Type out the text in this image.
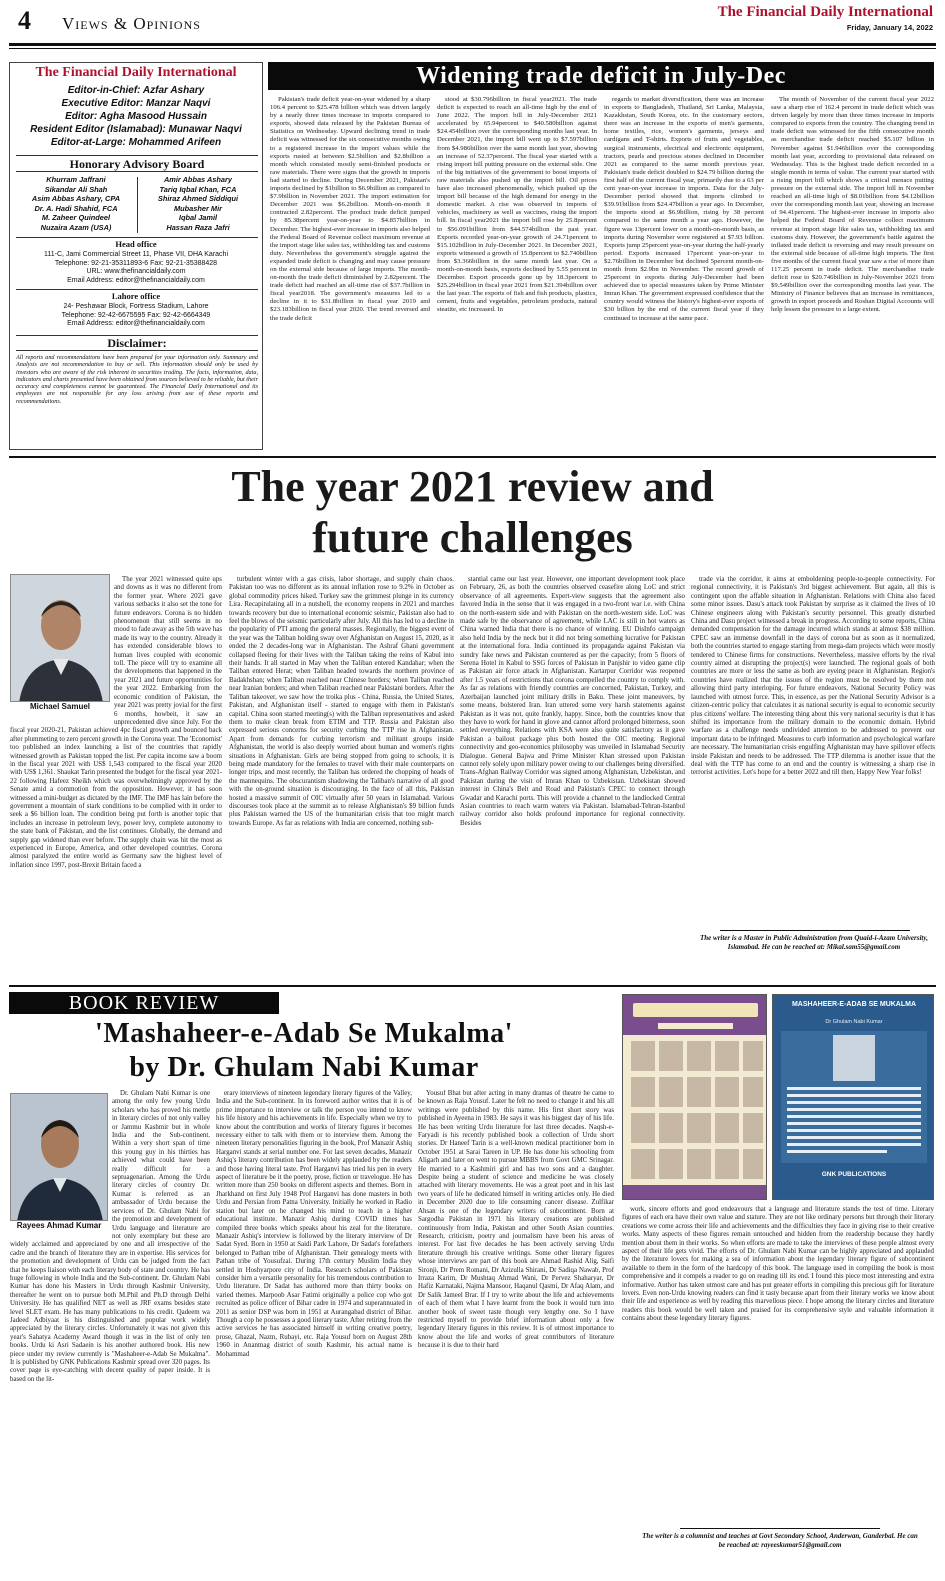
4 Views & Opinions
The Financial Daily International
Friday, January 14, 2022
The Financial Daily International
Editor-in-Chief: Azfar Ashary
Executive Editor: Manzar Naqvi
Editor: Agha Masood Hussain
Resident Editor (Islamabad): Munawar Naqvi
Editor-at-Large: Mohammed Arifeen
Honorary Advisory Board
Khurram Jaffrani
Sikandar Ali Shah
Asim Abbas Ashary, CPA
Dr. A. Hadi Shahid, FCA
M. Zaheer Quindeel
Nuzaira Azam (USA)
Amir Abbas Ashary
Tariq Iqbal Khan, FCA
Shiraz Ahmed Siddiqui
Mubasher Mir
Iqbal Jamil
Hassan Raza Jafri
Head office
111-C, Jami Commercial Street 11, Phase VII, DHA Karachi
Telephone: 92-21-35311893-6 Fax: 92-21-35388428
URL: www.thefinancialdaily.com
Email Address: editor@thefinancialdaily.com
Lahore office
24- Peshawar Block, Fortress Stadium, Lahore
Telephone: 92-42-6675595 Fax: 92-42-6664349
Email Address: editor@thefinancialdaily.com
Disclaimer:
All reports and recommendations have been prepared for your information only. Summary and Analysis are not recommendation to buy or sell. This information should only be used by investors who are aware of the risk inherent in securities trading. The facts, information, data, indicators and charts presented have been obtained from sources believed to be reliable, but their accuracy and completeness cannot be guaranteed. The Financial Daily International and its employees are not responsible for any loss arising from use of these reports and recommendations.
Widening trade deficit in July-Dec

Pakistan's trade deficit year-on-year widened by a sharp 106.4 percent to $25.478 billion which was driven largely by a nearly three times increase in imports compared to exports, showed data released by the Pakistan Bureau of Statistics on Wednesday. Upward declining trend in trade deficit was witnessed for the six consecutive months owing to a registered increase in the import values while the exports rusted at between $2.5billion and $2.8billion a month which consisted mostly semi-finished products or raw materials. There were signs that the growth in imports had started to decline. During December 2021, Pakistan's imports declined by $1billion to $6.9billion as compared to $7.9billion in November 2021. The import estimation for December 2021 was $6.2billion. Month-on-month it contracted 2.82percent. The product trade deficit jumped by 85.38percent year-on-year to $4.857billion in December. The highest-ever increase in imports also helped the Federal Board of Revenue collect maximum revenue at the import stage like sales tax, withholding tax and customs duty. Nevertheless the government's struggle against the expanded trade deficit is changing and may cause pressure on the external side because of large imports. The month-on-month the trade deficit diminished by 2.82percent. The trade deficit had reached an all-time rise of $37.7billion in fiscal year2018. The government's measures led to a decline in it to $31.8billion in fiscal year 2019 and $23.183billion in fiscal year 2020. The trend reversed and the trade deficit

stood at $30.796billion in fiscal year2021. The trade deficit is expected to reach an all-time high by the end of June 2022. The import bill in July-December 2021 accelerated by 65.94percent to $40.580billion against $24.454billion over the corresponding months last year. In December 2021, the import bill went up to $7.597billion from $4.986billion over the same month last year, showing an increase of 52.37percent. The fiscal year started with a rising import bill putting pressure on the external side. One of the big initiatives of the government to boost imports of raw materials also pushed up the import bill. Oil prices have also increased phenomenally, which pushed up the import bill because of the high demand for energy in the domestic market. A rise was observed in imports of vehicles, machinery as well as vaccines, rising the import bill. In fiscal year2021 the import bill rose by 25.8percent to $56.091billion from $44.574billion the past year. Exports recorded year-on-year growth of 24.71percent to $15.102billion in July-December 2021. In December 2021, exports witnessed a growth of 15.8percent to $2.740billion from $3.366billion in the same month last year. On a month-on-month basis, exports declined by 5.55 percent in December. Export proceeds gone up by 18.3percent to $25.294billion in fiscal year 2021 from $21.394billion over the last year. The exports of fish and fish products, plastics, cement, fruits and vegetables, petroleum products, natural steatite, etc increased. In

regards to market diversification, there was an increase in exports to Bangladesh, Thailand, Sri Lanka, Malaysia, Kazakhstan, South Korea, etc. In the customary sectors, there was an increase in the exports of men's garments, home textiles, rice, women's garments, jerseys and cardigans and T-shirts. Exports of fruits and vegetables, surgical instruments, electrical and electronic equipment, tractors, pearls and precious stones declined in December 2021 as compared to the same month previous year. Pakistan's trade deficit doubled to $24.79 billion during the first half of the current fiscal year, primarily due to a 63 per cent year-on-year increase in imports. Data for the July-December period showed that imports climbed to $39.91billion from $24.47billion a year ago. In December, the imports stood at $6.9billion, rising by 38 percent compared to the same month a year ago. However, the figure was 13percent lower on a month-on-month basis, as imports during November were registered at $7.93 billion. Exports jump 25percent year-on-year during the half-yearly period. Exports increased 17percent year-on-year to $2.76billion in December but declined 5percent month-on-month from $2.9bn in November. The record growth of 25percent in exports during July-December had been achieved due to special measures taken by Prime Minister Imran Khan. The government expressed confidence that the country would witness the history's highest-ever exports of $30 billion by the end of the current fiscal year if they continued to increase at the same pace.

The month of November of the current fiscal year 2022 saw a sharp rise of 162.4 percent in trade deficit which was driven largely by more than three times increase in imports compared to exports from the country. The changing trend in trade deficit was witnessed for the fifth consecutive month as merchandise trade deficit reached $5.107 billion in November against $1.946billion over the corresponding month last year, according to provisional data released on Wednesday. This is the highest trade deficit recorded in a single month in terms of value. The current year started with a rising import bill which shows a critical menace putting pressure on the external side. The import bill in November reached an all-time high of $8.01billion from $4.12billion over the corresponding month last year, showing an increase of 94.41percent. The highest-ever increase in imports also helped the Federal Board of Revenue collect maximum revenue at import stage like sales tax, withholding tax and customs duty. However, the government's battle against the inflated trade deficit is reversing and may result pressure on the external side because of all-time high imports. The first five months of the current fiscal year saw a rise of more than 117.25 percent in trade deficit. The merchandise trade deficit rose to $20.746billion in July-November 2021 from $9.549billion over the corresponding months last year. The Ministry of Finance believes that an increase in remittances, growth in export proceeds and Roshan Digital Accounts will help lessen the pressure to a large extent.

The year 2021 review and
future challenges
Michael Samuel

The year 2021 witnessed quite ups and downs as it was no different from the former year. Where 2021 gave various setbacks it also set the tone for future endeavors. Corona is no hidden phenomenon that still seems in no mood to fade away as the 5th wave has made its way to the country. Already it has extended considerable blows to human lives coupled with economic toll. The piece will try to examine all the developments that happened in the year 2021 and future opportunities for the year 2022. Embarking from the economic condition of Pakistan, the year 2021 was pretty jovial for the first 6 months, howbeit, it saw an unprecedented dive since July. For the fiscal year 2020-21, Pakistan achieved 4pc fiscal growth and bounced back after plummeting to zero percent growth in the Corona year. The 'Economist' too published an index launching a list of the countries that rapidly witnessed growth as Pakistan topped the list. Per capita income saw a boom in the fiscal year 2021 with US$ 1,543 compared to the fiscal year 2020 with US$ 1,361. Shaukat Tarin presented the budget for the fiscal year 2021-22 following Hafeez Sheikh which was overwhelmingly approved by the Senate amid a commotion from the opposition. However, it has soon witnessed a mini-budget as dictated by the IMF. The IMF has lain before the government a mountain of stark conditions to be complied with in order to seek a $6 billion loan. The condition being put forth is another topic that includes an increase in petroleum levy, power levy, complete autonomy to the state bank of Pakistan, and the list continues. Globally, the demand and supply gap widened than ever before. The supply chain was hit the most as experienced in Europe, America, and other developed countries. Corona almost paralyzed the entire world as Germany saw the highest level of inflation since 1997, post-Brexit Britain faced a

turbulent winter with a gas crisis, labor shortage, and supply chain chaos. Pakistan too was no different as its annual inflation rose to 9.2% in October as global commodity prices hiked. Turkey saw the grimmest plunge in its currency Lira. Recapitulating all in a nutshell, the economy reopens in 2021 and marches towards recovery but due to international economic seismic, Pakistan also had to feel the blows of the seismic particularly after July. All this has led to a decline in the popularity of PTI among the general masses. Regionally, the biggest event of the year was the Taliban holding sway over Afghanistan on August 15, 2020, as it ended the 2 decades-long war in Afghanistan. The Ashraf Ghani government collapsed fleeing for their lives with the Taliban taking the reins of Kabul into their hands. It all started in May when the Taliban entered Kandahar; when the Taliban entered Herat; when Taliban headed towards the northern province of Badakhshan; when Taliban reached near Chinese borders; when Taliban reached near Iranian borders; and when Taliban reached near Pakistani borders. After the Taliban takeover, we saw how the troika plus - China, Russia, the United States, Pakistan, and Afghanistan itself - started to engage with them in Pakistan's capital. China soon started meeting(s) with the Taliban representatives and asked them to make clean break from ETIM and TTP. Russia and Pakistan also expressed serious concerns for security curbing the TTP rise in Afghanistan. Apart from demands for curbing terrorism and militant groups inside Afghanistan, the world is also deeply worried about human and women's rights situations in Afghanistan. Girls are being stopped from going to schools, it is being made mandatory for the females to travel with their male counterparts on longer trips, and most recently, the Taliban has ordered the chopping of heads of the mannequins. The obscurantism shadowing the Taliban's narrative of all good with the on-ground situation is discouraging. In the face of all this, Pakistan hosted a massive summit of OIC virtually after 50 years in Islamabad. Various discourses took place at the summit as to release Afghanistan's $9 billion funds plus Pakistan warned the US of the humanitarian crisis that too might march towards Europe. As far as relations with India are concerned, nothing sub-

stantial came our last year. However, one important development took place on February, 26, as both the countries observed ceasefire along LoC and strict observance of all agreements. Expert-view suggests that the agreement also favored India in the sense that it was engaged in a two-front war i.e. with China on the north-eastern side and with Pakistan on the north-western side. LoC was made safe by the observance of agreement, while LAC is still in hot waters as China warned India that there is no chance of winning. EU DisInfo campaign also held India by the neck but it did not bring something lucrative for Pakistan at the international fora. India continued its propaganda against Pakistan via sundry fake news and Pakistan countered as per the capacity; from 5 floors of Serena Hotel in Kabul to SSG forces of Pakistan in Panjshir to video game clip as Pakistan air force attack in Afghanistan. Kartarpur Corridor was reopened after 1.5 years of restrictions that corona compelled the country to comply with. As far as relations with friendly countries are concerned, Pakistan, Turkey, and Azerbaijan launched joint military drills in Baku. These joint maneuvers, by some means, bolstered Iran. Iran uttered some very harsh statements against Pakistan as it was not, quite frankly, happy. Since, both the countries know that they have to work for hand in glove and cannot afford prolonged bitterness, soon settled everything. Relations with KSA were also quite satisfactory as it gave Pakistan a bailout package plus both hosted the OIC meeting. Regional connectivity and geo-economics philosophy was unveiled in Islamabad Security Dialogue. General Bajwa and Prime Minister Khan stressed upon Pakistan cannot rely solely upon military power owing to our challenges being diversified. Trans-Afghan Railway Corridor was signed among Afghanistan, Uzbekistan, and Pakistan during the visit of Imran Khan to Uzbekistan. Uzbekistan showed interest in China's Belt and Road and Pakistan's CPEC to connect through Gwadar and Karachi ports. This will provide a channel to the landlocked Central Asian countries to reach warm waters via Pakistan. Islamabad-Tehran-Istanbul railway corridor also holds profound importance for regional connectivity. Besides

trade via the corridor, it aims at emboldening people-to-people connectivity. For regional connectivity, it is Pakistan's 3rd biggest achievement. But again, all this is contingent upon the affable situation in Afghanistan. Relations with China also faced some minor issues. Dasu's attack took Pakistan by surprise as it claimed the lives of 10 Chinese engineers along with Pakistan's security personnel. This greatly disturbed China and Dasu project witnessed a break in progress. According to some reports, China demanded compensation for the damage incurred which stands at almost $38 million. CPEC saw an immense downfall in the days of corona but as soon as it normalized, both the countries started to engage starting from mega-dam projects which were mostly tendered to Chinese firms for constructions. Nevertheless, massive efforts by the rival country aimed at disrupting the project(s) were launched. The regional goals of both countries are more or less the same as both are eyeing peace in Afghanistan. Region's countries have realized that the issues of the region must be resolved by them not allowing third party interloping. For future endeavors, National Security Policy was launched with utmost force. This, in essence, as per the National Security Advisor is a citizen-centric policy that calculates it as national security is equal to economic security plus citizens' welfare. The interesting thing about this very national security is that it has shifted its importance from the military domain to the economic domain. Hybrid warfare as a challenge needs undivided attention to be addressed to prevent our important data to be infringed. Measures to curb information and psychological warfare are necessary. The humanitarian crisis engulfing Afghanistan may have spillover effects inside Pakistan and needs to be addressed. The TTP dilemma is another issue that the deal with the TTP has come to an end and the country is witnessing a sharp rise in terrorist activities. Let's hope for a better 2022 and till then, Happy New Year folks!

The writer is a Master in Public Administration from Quaid-i-Azam University, Islamabad. He can be reached at: Mikal.sam55@gmail.com
BOOK REVIEW
'Mashaheer-e-Adab Se Mukalma'
by Dr. Ghulam Nabi Kumar
MASHAHEER-E-ADAB SE MUKALMA
Dr Ghulam Nabi Kumar
GNK PUBLICATIONS
Rayees Ahmad Kumar

Dr. Ghulam Nabi Kumar is one among the only few young Urdu scholars who has proved his mettle in literary circles of not only valley or Jammu Kashmir but in whole India and the Sub-continent. Within a very short span of time this young guy in his thirties has achieved what could have been really difficult for a septuagenarian. Among the Urdu literary circles of country Dr. Kumar is referred as an ambassador of Urdu because the services of Dr. Ghulam Nabi for the promotion and development of Urdu language and literature are not only exemplary but these are widely acclaimed and appreciated by one and all irrespective of the cadre and the branch of literature they are in expertise. His services for the promotion and development of Urdu can be judged from the fact that he keeps liaison with each literary body of state and country. He has huge following in whole India and the Sub-continent. Dr. Ghulam Nabi Kumar has done his Masters in Urdu through Kashmir University, thereafter he went on to pursue both M.Phil and Ph.D through Delhi University. He has qualified NET as well as JRF exams besides state level SLET exam. He has many publications to his credit. Qadeem wa Jadeed Adbiyaat is his distinguished and popular work widely appreciated by the literary circles. Unfortunately it was not given this year's Sahatya Academy Award though it was in the list of only ten books. Urdu ki Asri Sadaein is his another authored book. His new piece under my review currently is "Mashaheer-e-Adab Se Mukalma". It is published by GNK Publications Kashmir spread over 320 pages. Its cover page is eye-catching with decent quality of paper inside. It is based on the lit-

erary interviews of nineteen legendary literary figures of the Valley, India and the Sub-continent. In its foreword author writes that it is of prime importance to interview or talk the person you intend to know his life history and his achievements in life. Especially when we try to know about the contribution and works of literary figures it becomes necessary either to talk with them or to interview them. Among the nineteen literary personalities figuring in the book, Prof Manazir Ashiq Harganvi stands at serial number one. For last seven decades, Manazir Ashiq's literary contribution has been widely applauded by the readers and those having literal taste. Prof Harganvi has tried his pen in every aspect of literature be it the poetry, prose, fiction or travelogue. He has written more than 250 books on different aspects and themes. Born in Jharkhand on first July 1948 Prof Harganvi has done masters in both Urdu and Persian from Patna University. Initially he worked in Radio station but later on he changed his mind to teach in a higher educational institute. Manazir Ashiq during COVID times has compiled three books which speaks about his zeal for the literature. Manazir Ashiq's interview is followed by the literary interview of Dr Sadat Syed. Born in 1950 at Saidi Park Lahore, Dr Sadat's forefathers belonged to Pathan tribe of Afghanistan. Their genealogy meets with Pathan tribe of Yousufzai. During 17th century Muslim India they settled in Hoshyarpore city of India. Research scholars of Pakistan consider him a versatile personality for his tremendous contribution to Urdu literature. Dr Sadat has authored more than thirty books on varied themes. Marpoob Asar Fatimi originally a police cop who got recruited as police officer of Bihar cadre in 1974 and superannuated in 2011 as senior DSP was born in 1951 at Aurangabad district of Bihar. Though a cop he possesses a good literary taste. After retiring from the active services he has associated himself in writing creative poetry, prose, Ghazal, Nazm, Rubayi, etc. Raja Yousuf born on August 28th 1960 in Anantnag district of south Kashmir, his actual name is Mohammad

Yousuf Bhat but after acting in many dramas of theatre he came to be known as Raja Yousuf. Later he felt no need to change it and his all writings were published by this name. His first short story was published in Ayeena in 1983. He says it was his biggest day of his life. He has been writing Urdu literature for last three decades. Naqsh-e- Faryadi is his recently published book a collection of Urdu short stories. Dr Haneef Tarin is a well-known medical practitioner born in October 1951 at Sarai Tareen in UP. He has done his schooling from Aligarh and later on went to pursue MBBS from Govt GMC Srinagar. He married to a Kashmiri girl and has two sons and a daughter. Despite being a student of science and medicine he was closely attached with literary movements. He was a great poet and in his last two years of life he dedicated himself in writing articles only. He died in December 2020 due to life consuming cancer disease. Zulfikar Ahsan is one of the legendary writers of subcontinent. Born at Sargodha Pakistan in 1971 his literary creations are published continuously from India, Pakistan and other South Asian countries. Research, criticism, poetry and journalism have been his areas of interest. For last five decades he has been actively serving Urdu literature through his creative writings. Some other literary figures whose interviews are part of this book are Ahmad Rashid Alig, Saifi Sironji, Dr Prem Romani, Dr Azizulla Shirani, Dr Sadiqa Nawab, Prof Irraza Karim, Dr Mushtaq Ahmad Wani, Dr Pervez Shaharyar, Dr Hafiz Karnataki, Najma Mansoor, Haqanul Qasmi, Dr Afaq Alam, and Dr Salik Jameel Brar. If I try to write about the life and achievements of each of them what I have learnt from the book it would turn into another book of sweet taste though very lengthy one. So I have restricted myself to provide brief information about only a few legendary literary figures in this review. It is of utmost importance to know about the life and works of great contributors of literature because it is due to their hard

work, sincere efforts and good endeavours that a language and literature stands the test of time. Literary figures of each era have their own value and stature. They are not like ordinary persons but through their literary creations we come across their life and achievements and the difficulties they face in giving rise to their creative works. Many aspects of these figures remain untouched and hidden from the readership because they hardly mention about them in their works. So when efforts are made to take the interviews of these people almost every aspect of their life gets vivid. The efforts of Dr. Ghulam Nabi Kumar can be highly appreciated and applauded by the literature lovers for making a sea of information about the legendary literary figure of subcontinent available to them in the form of the hardcopy of this book. The language used in compiling the book is most comprehensive and it compels a reader to go on reading till its end. I found this piece most interesting and extra informative. Author has taken utmost care and has put greater efforts in compiling this precious gift for literature lovers. Even non-Urdu knowing readers can find it tasty because apart from their literary works we know about their life and experience as well by reading this marvellous piece. I hope among the literary circles and literature readers this book would be well taken and praised for its comprehensive style and valuable information it contains about these legendary literary figures.

The writer is a columnist and teaches at Govt Secondary School, Anderwan, Ganderbal. He can be reached at: rayeeskumar51@gmail.com
